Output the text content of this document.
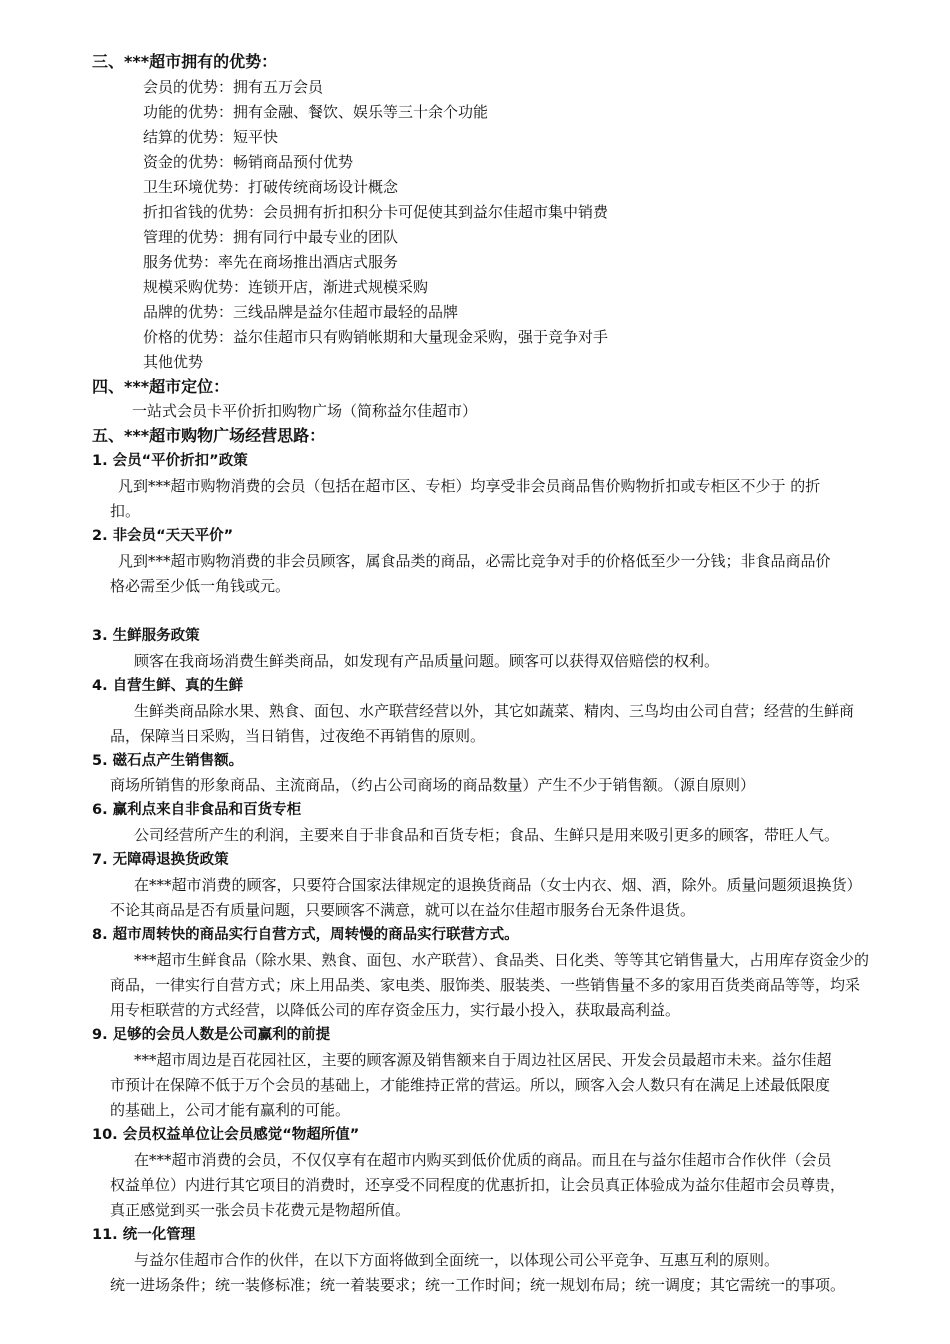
三、***超市拥有的优势：
会员的优势：拥有五万会员
功能的优势：拥有金融、餐饮、娱乐等三十余个功能
结算的优势：短平快
资金的优势：畅销商品预付优势
卫生环境优势：打破传统商场设计概念
折扣省钱的优势：会员拥有折扣积分卡可促使其到益尔佳超市集中销费
管理的优势：拥有同行中最专业的团队
服务优势：率先在商场推出酒店式服务
规模采购优势：连锁开店，渐进式规模采购
品牌的优势：三线品牌是益尔佳超市最轻的品牌
价格的优势：益尔佳超市只有购销帐期和大量现金采购，强于竞争对手
其他优势
四、***超市定位：
一站式会员卡平价折扣购物广场（简称益尔佳超市）
五、***超市购物广场经营思路：
1. 会员“平价折扣”政策
凡到***超市购物消费的会员（包括在超市区、专柜）均享受非会员商品售价购物折扣或专柜区不少于 的折
扣。
2. 非会员“天天平价”
凡到***超市购物消费的非会员顾客，属食品类的商品，必需比竞争对手的价格低至少一分钱；非食品商品价
格必需至少低一角钱或元。
3. 生鲜服务政策
顾客在我商场消费生鲜类商品，如发现有产品质量问题。顾客可以获得双倍赔偿的权利。
4. 自营生鲜、真的生鲜
生鲜类商品除水果、熟食、面包、水产联营经营以外，其它如蔬菜、精肉、三鸟均由公司自营；经营的生鲜商
品，保障当日采购，当日销售，过夜绝不再销售的原则。
5. 磁石点产生销售额。
商场所销售的形象商品、主流商品，（约占公司商场的商品数量）产生不少于销售额。（源自原则）
6. 赢利点来自非食品和百货专柜
公司经营所产生的利润，主要来自于非食品和百货专柜；食品、生鲜只是用来吸引更多的顾客，带旺人气。
7. 无障碍退换货政策
在***超市消费的顾客，只要符合国家法律规定的退换货商品（女士内衣、烟、酒，除外。质量问题须退换货）
不论其商品是否有质量问题，只要顾客不满意，就可以在益尔佳超市服务台无条件退货。
8. 超市周转快的商品实行自营方式，周转慢的商品实行联营方式。
***超市生鲜食品（除水果、熟食、面包、水产联营）、食品类、日化类、等等其它销售量大，占用库存资金少的
商品，一律实行自营方式；床上用品类、家电类、服饰类、服装类、一些销售量不多的家用百货类商品等等，均采
用专柜联营的方式经营，以降低公司的库存资金压力，实行最小投入，获取最高利益。
9. 足够的会员人数是公司赢利的前提
***超市周边是百花园社区，主要的顾客源及销售额来自于周边社区居民、开发会员最超市未来。益尔佳超
市预计在保障不低于万个会员的基础上，才能维持正常的营运。所以，顾客入会人数只有在满足上述最低限度
的基础上，公司才能有赢利的可能。
10. 会员权益单位让会员感觉“物超所值”
在***超市消费的会员，不仅仅享有在超市内购买到低价优质的商品。而且在与益尔佳超市合作伙伴（会员
权益单位）内进行其它项目的消费时，还享受不同程度的优惠折扣，让会员真正体验成为益尔佳超市会员尊贵，
真正感觉到买一张会员卡花费元是物超所值。
11. 统一化管理
与益尔佳超市合作的伙伴，在以下方面将做到全面统一，以体现公司公平竞争、互惠互利的原则。
统一进场条件；统一装修标准；统一着装要求；统一工作时间；统一规划布局；统一调度；其它需统一的事项。
